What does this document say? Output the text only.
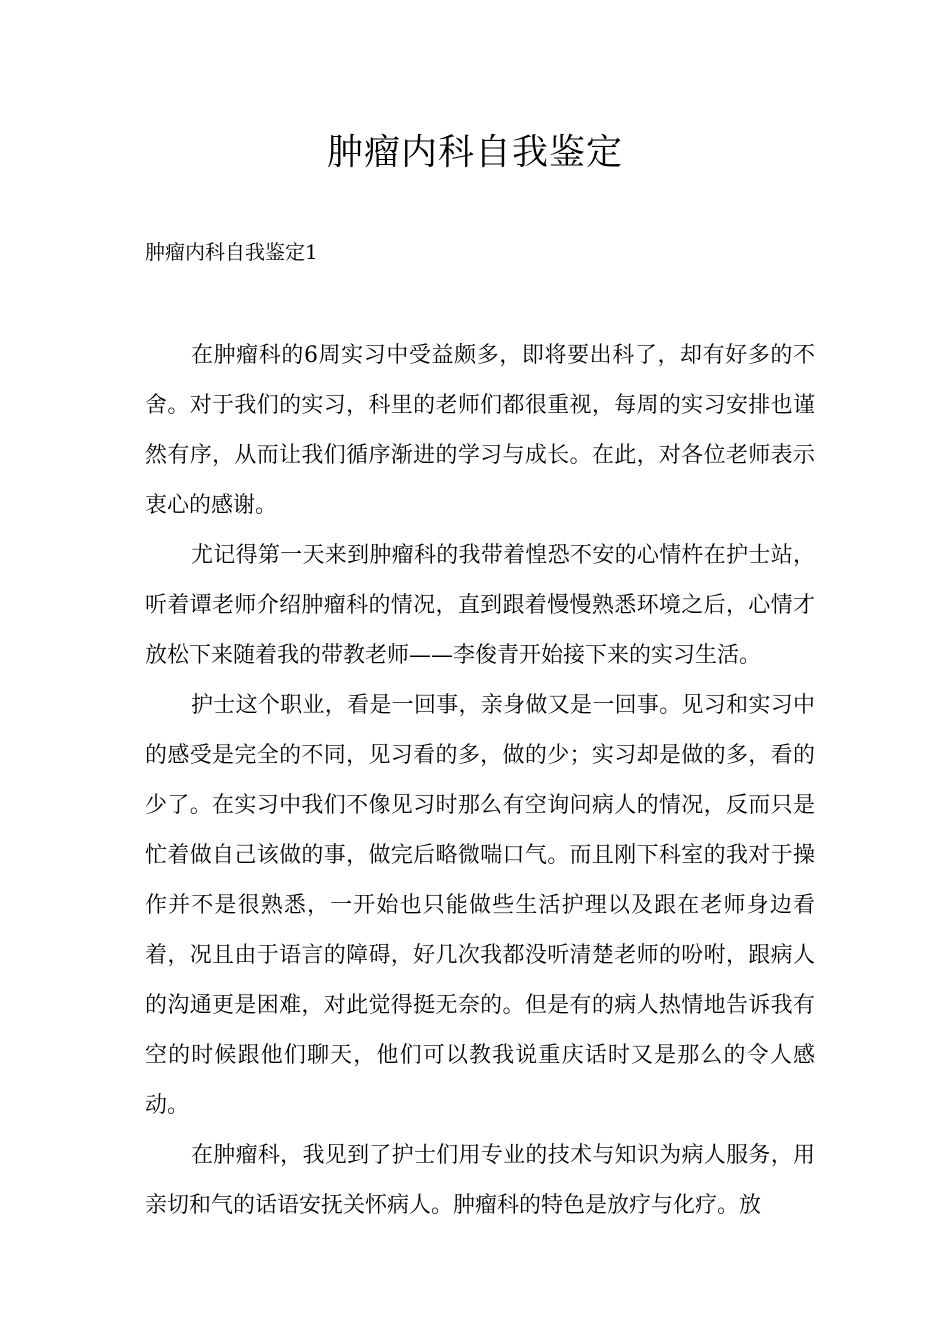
肿瘤内科自我鉴定

肿瘤内科自我鉴定1

在肿瘤科的6周实习中受益颇多，即将要出科了，却有好多的不舍。对于我们的实习，科里的老师们都很重视，每周的实习安排也谨然有序，从而让我们循序渐进的学习与成长。在此，对各位老师表示衷心的感谢。

尤记得第一天来到肿瘤科的我带着惶恐不安的心情杵在护士站，听着谭老师介绍肿瘤科的情况，直到跟着慢慢熟悉环境之后，心情才放松下来随着我的带教老师——李俊青开始接下来的实习生活。

护士这个职业，看是一回事，亲身做又是一回事。见习和实习中的感受是完全的不同，见习看的多，做的少；实习却是做的多，看的少了。在实习中我们不像见习时那么有空询问病人的情况，反而只是忙着做自己该做的事，做完后略微喘口气。而且刚下科室的我对于操作并不是很熟悉，一开始也只能做些生活护理以及跟在老师身边看着，况且由于语言的障碍，好几次我都没听清楚老师的吩咐，跟病人的沟通更是困难，对此觉得挺无奈的。但是有的病人热情地告诉我有空的时候跟他们聊天，他们可以教我说重庆话时又是那么的令人感动。

在肿瘤科，我见到了护士们用专业的技术与知识为病人服务，用亲切和气的话语安抚关怀病人。肿瘤科的特色是放疗与化疗。放
